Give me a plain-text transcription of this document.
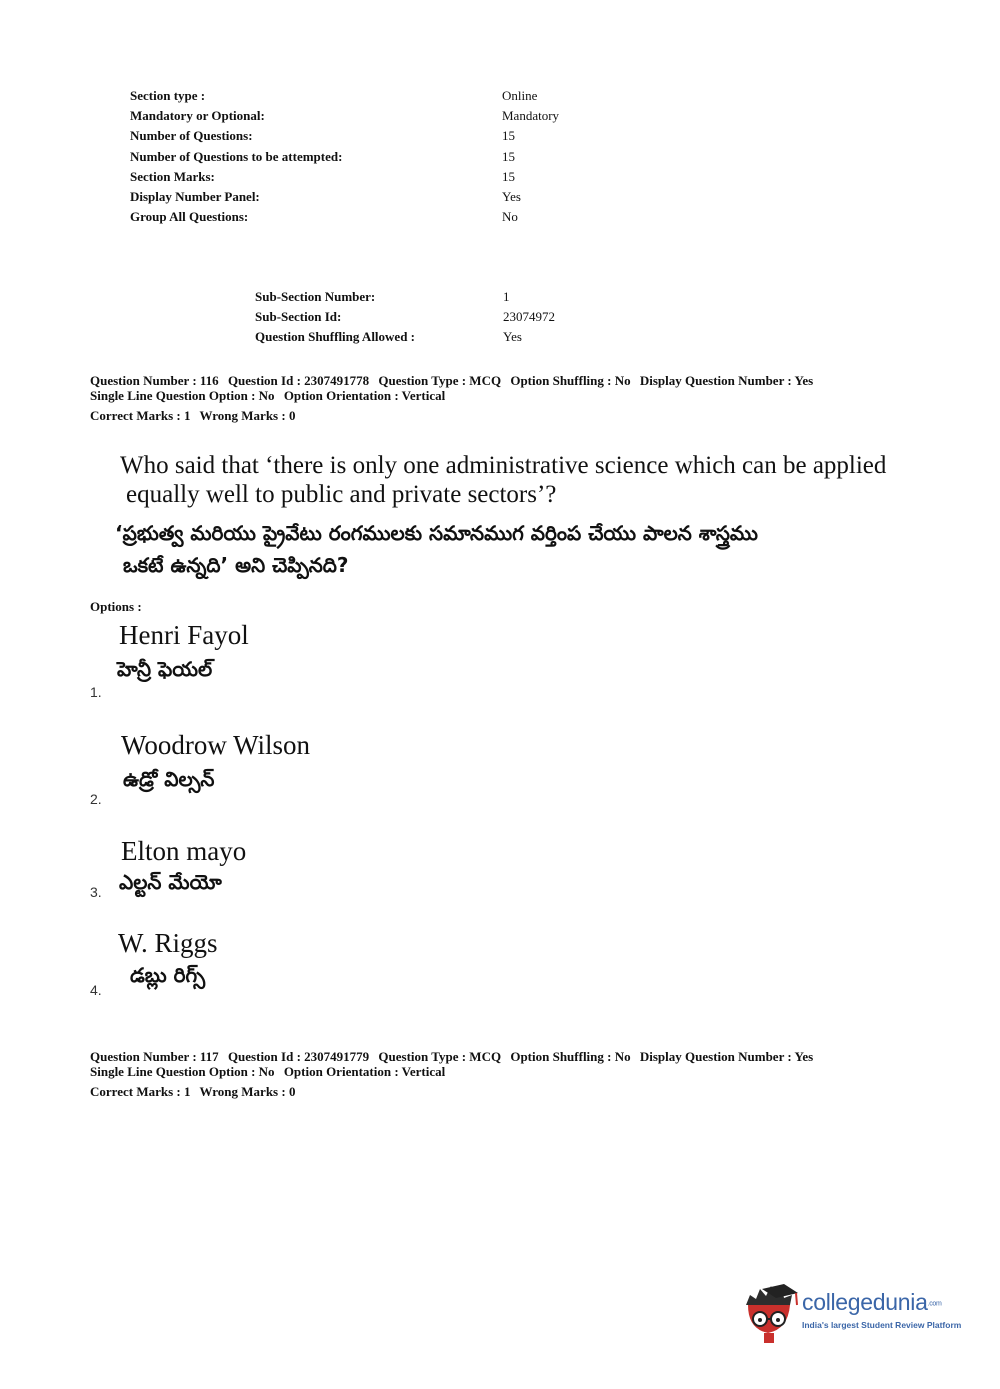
Section type :	Online
Mandatory or Optional:	Mandatory
Number of Questions:	15
Number of Questions to be attempted:	15
Section Marks:	15
Display Number Panel:	Yes
Group All Questions:	No
Sub-Section Number:	1
Sub-Section Id:	23074972
Question Shuffling Allowed :	Yes
Question Number : 116 Question Id : 2307491778 Question Type : MCQ Option Shuffling : No Display Question Number : Yes
Single Line Question Option : No Option Orientation : Vertical
Correct Marks : 1 Wrong Marks : 0
Who said that ‘there is only one administrative science which can be applied
equally well to public and private sectors’?
‘ప్రభుత్వ మరియు ప్రైవేటు రంగములకు సమానముగ వర్తింప చేయు పాలన శాస్త్రము
ఒకటే ఉన్నది’ అని చెప్పినది?
Options :
Henri Fayol
హెన్రీ ఫెయల్
1.
Woodrow Wilson
ఉడ్రో విల్సన్
2.
Elton mayo
ఎల్టన్ మేయో
3.
W. Riggs
డబ్లు రిగ్స్
4.
Question Number : 117 Question Id : 2307491779 Question Type : MCQ Option Shuffling : No Display Question Number : Yes
Single Line Question Option : No Option Orientation : Vertical
Correct Marks : 1 Wrong Marks : 0
collegedunia.com
India's largest Student Review Platform
